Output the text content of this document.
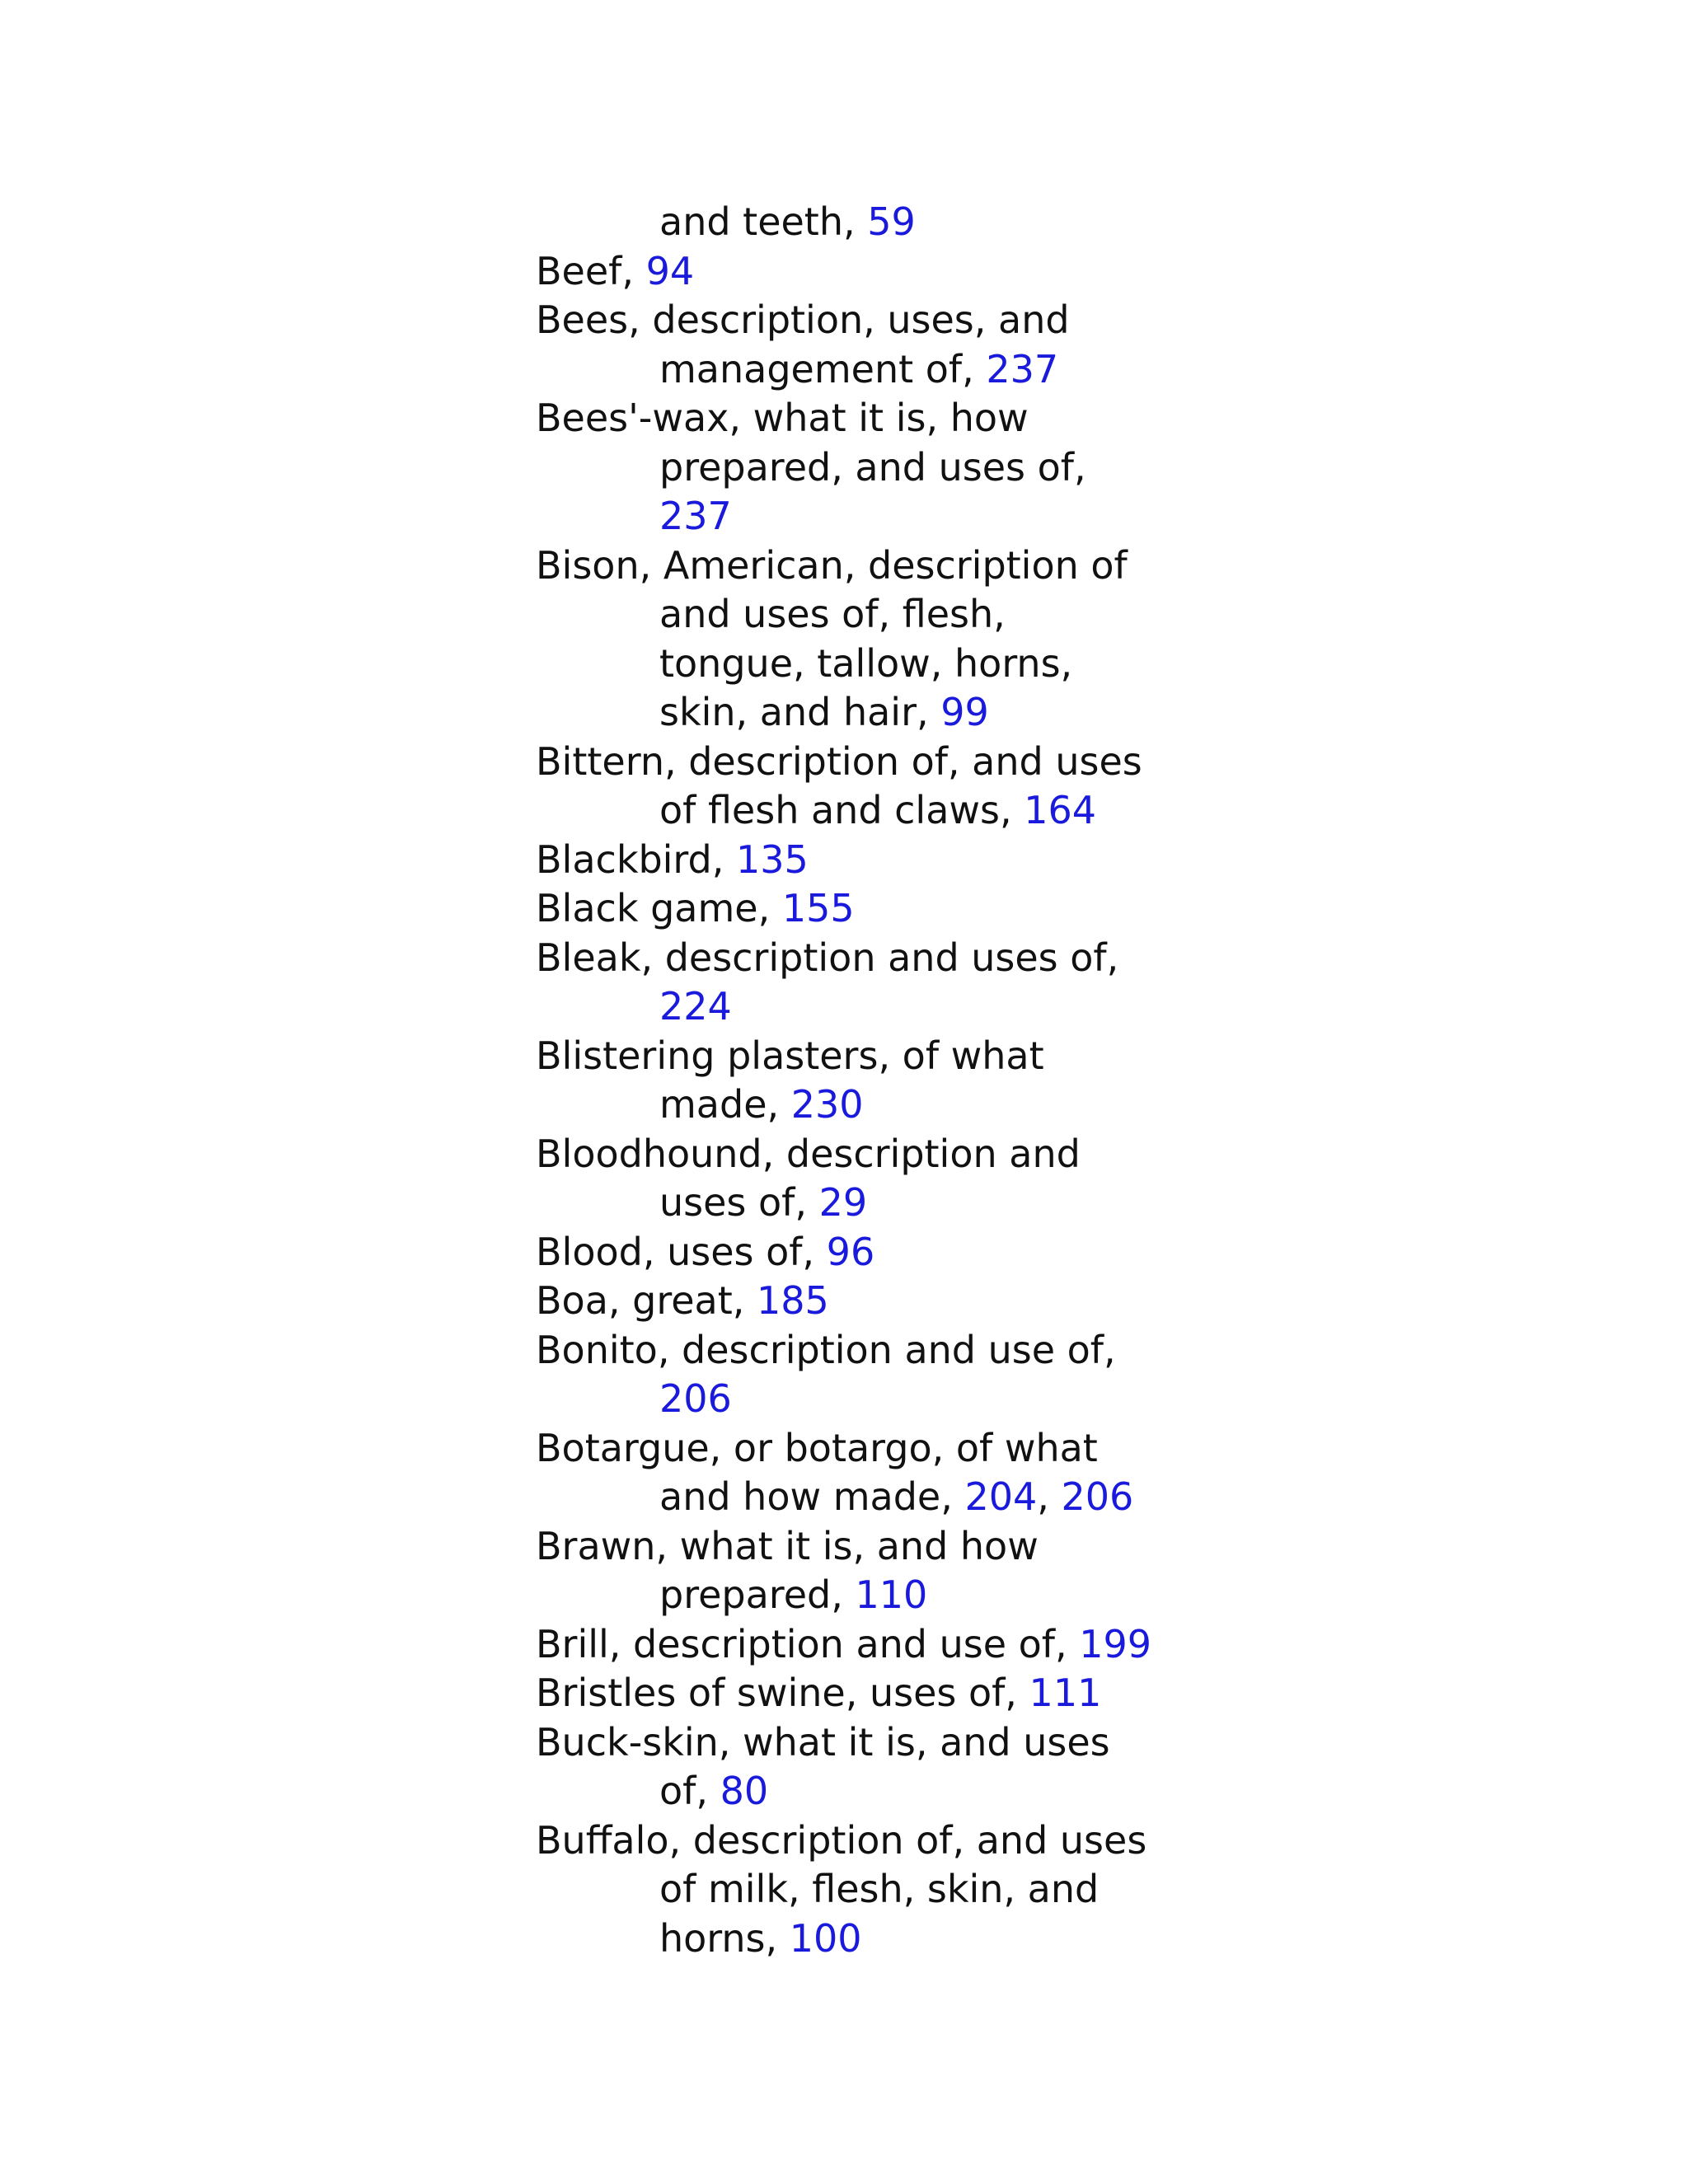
and teeth, 59
Beef, 94
Bees, description, uses, and management of, 237
Bees'-wax, what it is, how prepared, and uses of, 237
Bison, American, description of and uses of, flesh, tongue, tallow, horns, skin, and hair, 99
Bittern, description of, and uses of flesh and claws, 164
Blackbird, 135
Black game, 155
Bleak, description and uses of, 224
Blistering plasters, of what made, 230
Bloodhound, description and uses of, 29
Blood, uses of, 96
Boa, great, 185
Bonito, description and use of, 206
Botargue, or botargo, of what and how made, 204, 206
Brawn, what it is, and how prepared, 110
Brill, description and use of, 199
Bristles of swine, uses of, 111
Buck-skin, what it is, and uses of, 80
Buffalo, description of, and uses of milk, flesh, skin, and horns, 100
